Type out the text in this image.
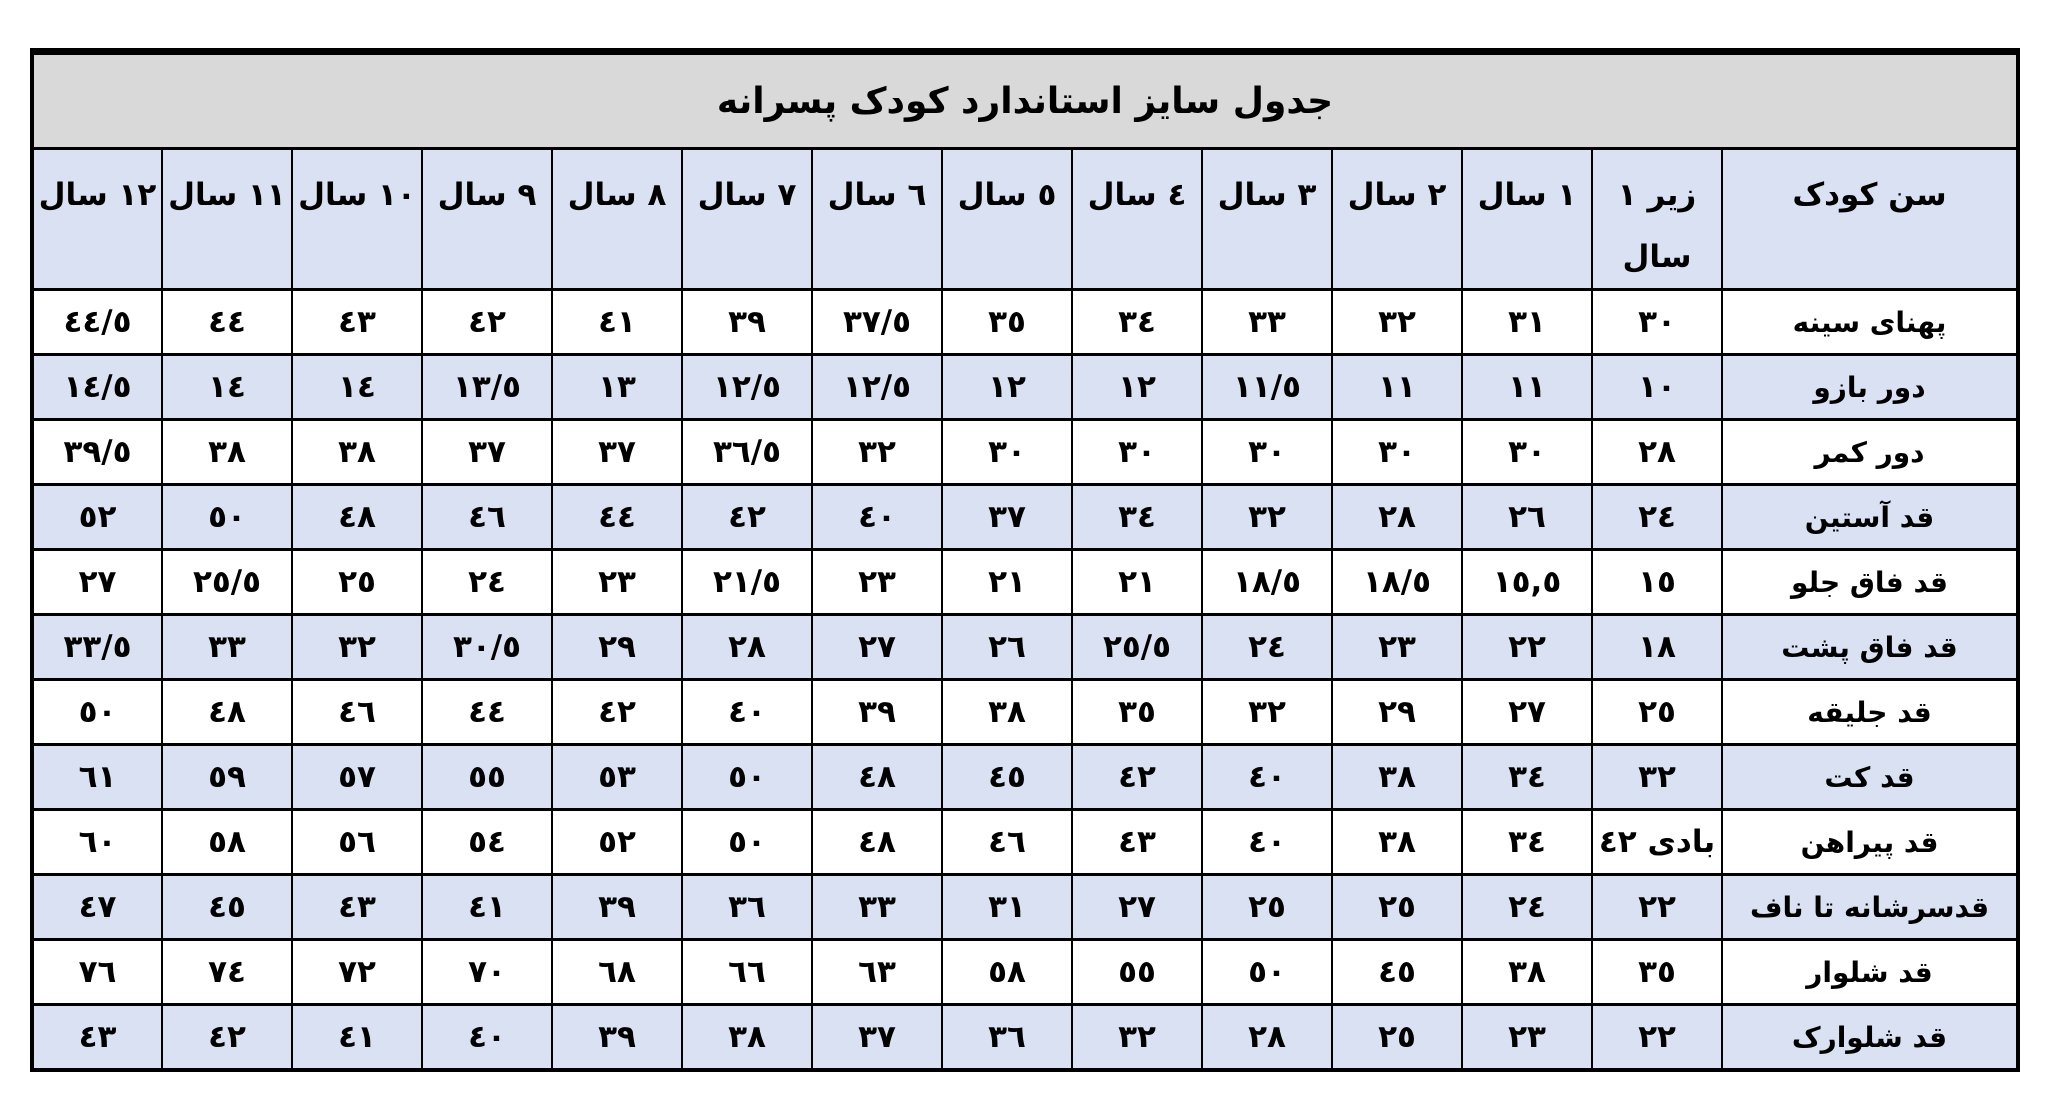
جدول سایز استاندارد کودک پسرانه													
سن کودک	زیر ١ سال	١ سال	٢ سال	٣ سال	٤ سال	٥ سال	٦ سال	٧ سال	٨ سال	٩ سال	١٠ سال	١١ سال	١٢ سال
پهنای سینه	٣٠	٣١	٣٢	٣٣	٣٤	٣٥	٣٧/٥	٣٩	٤١	٤٢	٤٣	٤٤	٤٤/٥
دور بازو	١٠	١١	١١	١١/٥	١٢	١٢	١٢/٥	١٢/٥	١٣	١٣/٥	١٤	١٤	١٤/٥
دور کمر	٢٨	٣٠	٣٠	٣٠	٣٠	٣٠	٣٢	٣٦/٥	٣٧	٣٧	٣٨	٣٨	٣٩/٥
قد آستین	٢٤	٢٦	٢٨	٣٢	٣٤	٣٧	٤٠	٤٢	٤٤	٤٦	٤٨	٥٠	٥٢
قد فاق جلو	١٥	١٥,٥	١٨/٥	١٨/٥	٢١	٢١	٢٣	٢١/٥	٢٣	٢٤	٢٥	٢٥/٥	٢٧
قد فاق پشت	١٨	٢٢	٢٣	٢٤	٢٥/٥	٢٦	٢٧	٢٨	٢٩	٣٠/٥	٣٢	٣٣	٣٣/٥
قد جلیقه	٢٥	٢٧	٢٩	٣٢	٣٥	٣٨	٣٩	٤٠	٤٢	٤٤	٤٦	٤٨	٥٠
قد کت	٣٢	٣٤	٣٨	٤٠	٤٢	٤٥	٤٨	٥٠	٥٣	٥٥	٥٧	٥٩	٦١
قد پیراهن	بادی ٤٢	٣٤	٣٨	٤٠	٤٣	٤٦	٤٨	٥٠	٥٢	٥٤	٥٦	٥٨	٦٠
قدسرشانه تا ناف	٢٢	٢٤	٢٥	٢٥	٢٧	٣١	٣٣	٣٦	٣٩	٤١	٤٣	٤٥	٤٧
قد شلوار	٣٥	٣٨	٤٥	٥٠	٥٥	٥٨	٦٣	٦٦	٦٨	٧٠	٧٢	٧٤	٧٦
قد شلوارک	٢٢	٢٣	٢٥	٢٨	٣٢	٣٦	٣٧	٣٨	٣٩	٤٠	٤١	٤٢	٤٣
